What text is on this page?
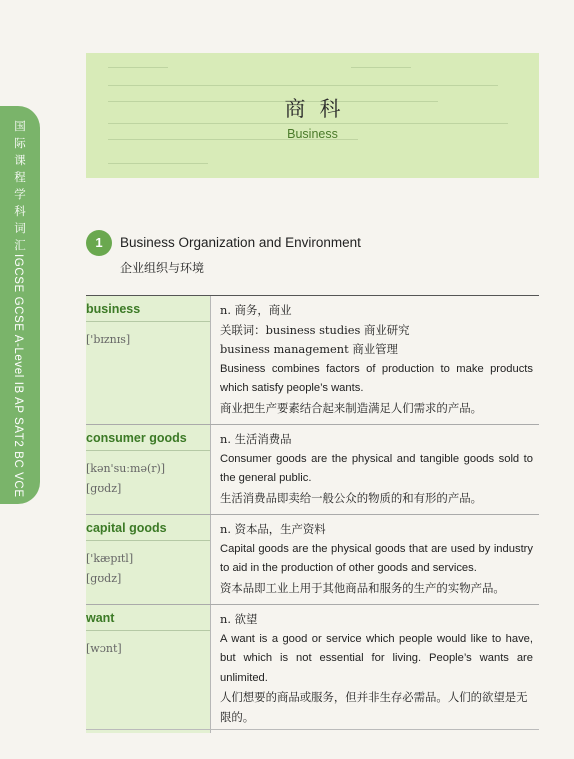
国际课程学科词汇
IGCSE GCSE A-Level IB AP SAT2 BC VCE
商科
Business
1	Business Organization and Environment
企业组织与环境
business
['bɪznɪs]
n. 商务，商业
关联词：business studies 商业研究
business management 商业管理
Business combines factors of production to make products which satisfy people’s wants.
商业把生产要素结合起来制造满足人们需求的产品。
consumer goods
[kən'suːmə(r)]
[gʊdz]
n. 生活消费品
Consumer goods are the physical and tangible goods sold to the general public.
生活消费品即卖给一般公众的物质的和有形的产品。
capital goods
['kæpɪtl]
[gʊdz]
n. 资本品，生产资料
Capital goods are the physical goods that are used by industry to aid in the production of other goods and services.
资本品即工业上用于其他商品和服务的生产的实物产品。
want
[wɔnt]
n. 欲望
A want is a good or service which people would like to have, but which is not essential for living. People’s wants are unlimited.
人们想要的商品或服务，但并非生存必需品。人们的欲望是无限的。
